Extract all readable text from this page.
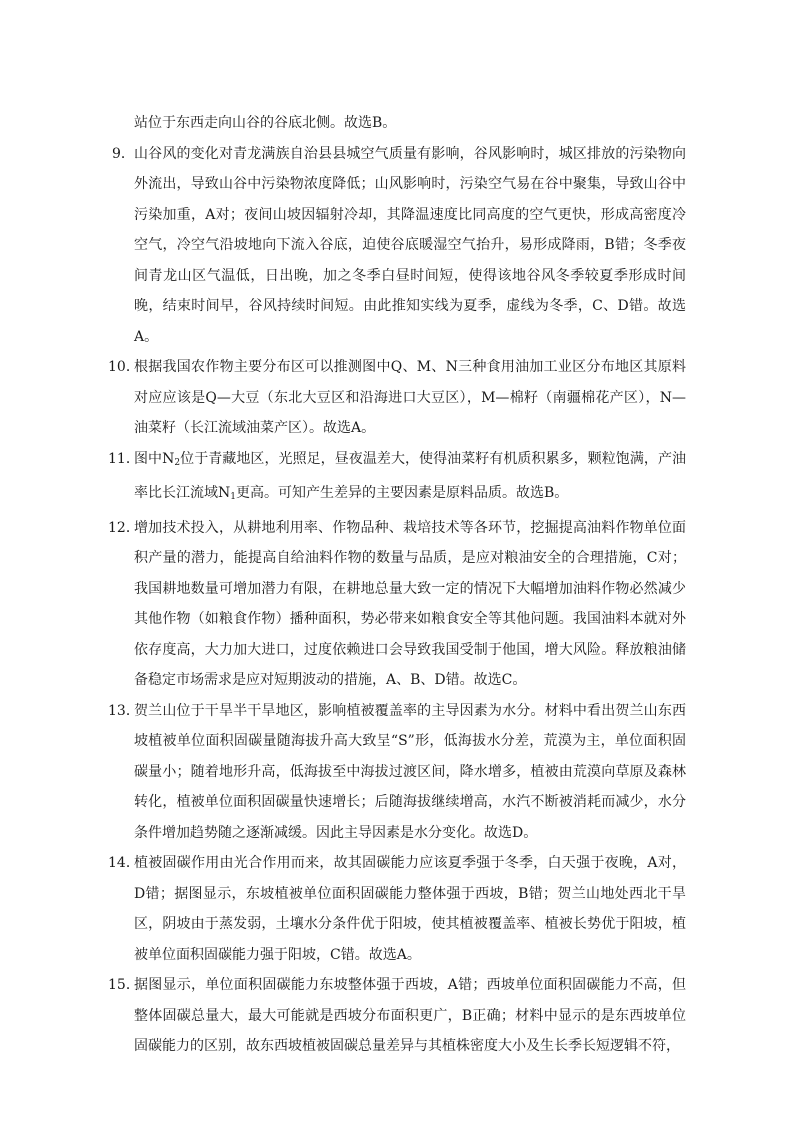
站位于东西走向山谷的谷底北侧。故选B。

9． 山谷风的变化对青龙满族自治县县城空气质量有影响，谷风影响时，城区排放的污染物向外流出，导致山谷中污染物浓度降低；山风影响时，污染空气易在谷中聚集，导致山谷中污染加重，A对；夜间山坡因辐射冷却，其降温速度比同高度的空气更快，形成高密度冷空气，冷空气沿坡地向下流入谷底，迫使谷底暖湿空气抬升，易形成降雨，B错；冬季夜间青龙山区气温低，日出晚，加之冬季白昼时间短，使得该地谷风冬季较夏季形成时间晚，结束时间早，谷风持续时间短。由此推知实线为夏季，虚线为冬季，C、D错。故选A。
10．
根据我国农作物主要分布区可以推测图中Q、M、N三种食用油加工业区分布地区其原料对应应该是Q—大豆（东北大豆区和沿海进口大豆区），M—棉籽（南疆棉花产区），N—油菜籽（长江流域油菜产区）。故选A。
11．
图中$N_2$位于青藏地区，光照足，昼夜温差大，使得油菜籽有机质积累多，颗粒饱满，产油率比长江流域$N_1$更高。可知产生差异的主要因素是原料品质。故选B。
12．
增加技术投入，从耕地利用率、作物品种、栽培技术等各环节，挖掘提高油料作物单位面积产量的潜力，能提高自给油料作物的数量与品质，是应对粮油安全的合理措施，C对；我国耕地数量可增加潜力有限，在耕地总量大致一定的情况下大幅增加油料作物必然减少其他作物（如粮食作物）播种面积，势必带来如粮食安全等其他问题。我国油料本就对外依存度高，大力加大进口，过度依赖进口会导致我国受制于他国，增大风险。释放粮油储备稳定市场需求是应对短期波动的措施，A、B、D错。故选C。
13．
贺兰山位于干旱半干旱地区，影响植被覆盖率的主导因素为水分。材料中看出贺兰山东西坡植被单位面积固碳量随海拔升高大致呈“S”形，低海拔水分差，荒漠为主，单位面积固碳量小；随着地形升高，低海拔至中海拔过渡区间，降水增多，植被由荒漠向草原及森林转化，植被单位面积固碳量快速增长；后随海拔继续增高，水汽不断被消耗而减少，水分条件增加趋势随之逐渐减缓。因此主导因素是水分变化。故选D。
14．
植被固碳作用由光合作用而来，故其固碳能力应该夏季强于冬季，白天强于夜晚，A对，D错；据图显示，东坡植被单位面积固碳能力整体强于西坡，B错；贺兰山地处西北干旱区，阴坡由于蒸发弱，土壤水分条件优于阳坡，使其植被覆盖率、植被长势优于阳坡，植被单位面积固碳能力强于阳坡，C错。故选A。
15．
据图显示，单位面积固碳能力东坡整体强于西坡，A错；西坡单位面积固碳能力不高，但整体固碳总量大，最大可能就是西坡分布面积更广，B正确；材料中显示的是东西坡单位固碳能力的区别，故东西坡植被固碳总量差异与其植株密度大小及生长季长短逻辑不符，
